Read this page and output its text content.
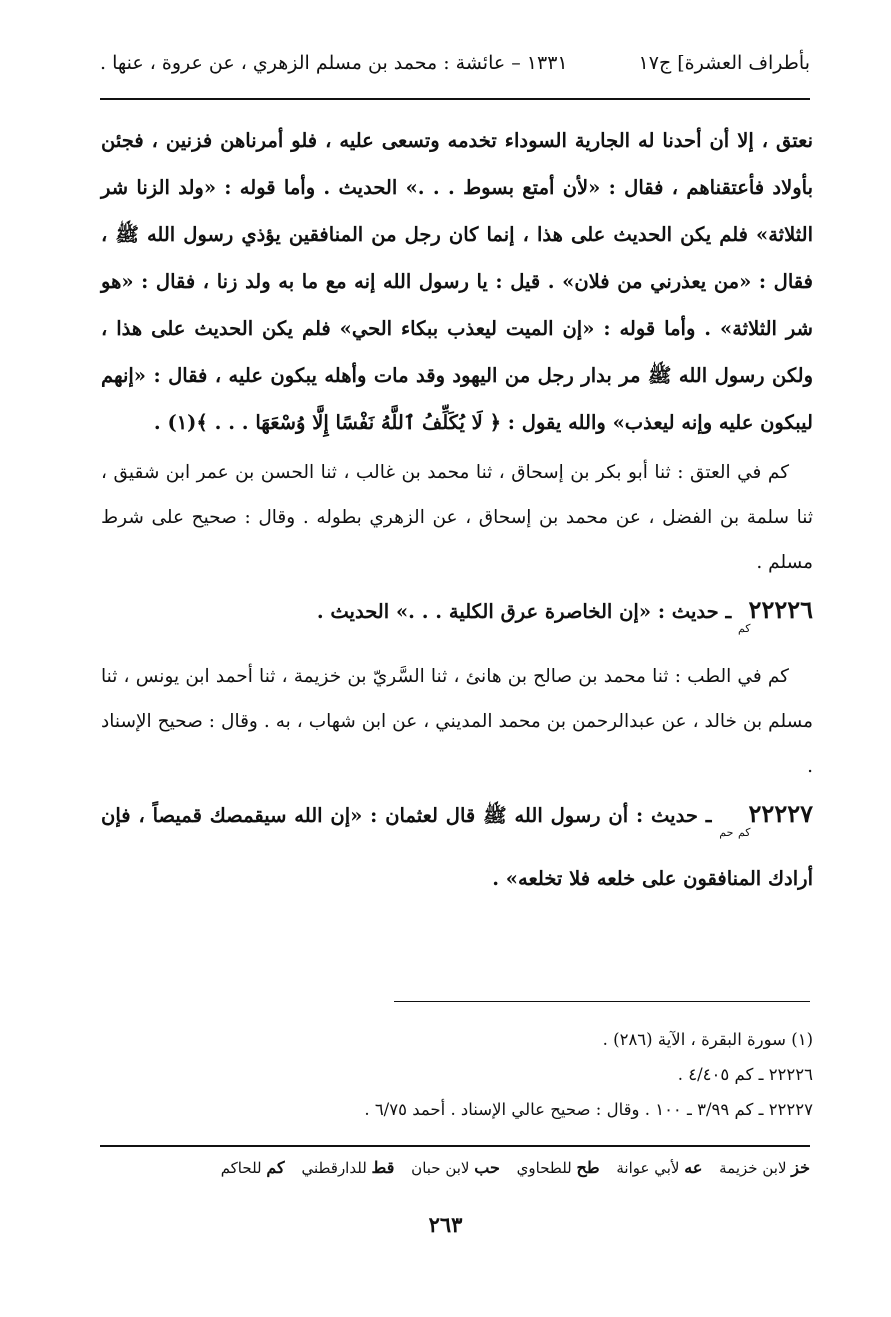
بأطراف العشرة] ج١٧
١٣٣١ – عائشة : محمد بن مسلم الزهري ، عن عروة ، عنها .

نعتق ، إلا أن أحدنا له الجارية السوداء تخدمه وتسعى عليه ، فلو أمرناهن فزنين ، فجئن بأولاد فأعتقناهم ، فقال : «لأن أمتع بسوط . . .» الحديث . وأما قوله : «ولد الزنا شر الثلاثة» فلم يكن الحديث على هذا ، إنما كان رجل من المنافقين يؤذي رسول الله ﷺ ، فقال : «من يعذرني من فلان» . قيل : يا رسول الله إنه مع ما به ولد زنا ، فقال : «هو شر الثلاثة» . وأما قوله : «إن الميت ليعذب ببكاء الحي» فلم يكن الحديث على هذا ، ولكن رسول الله ﷺ مر بدار رجل من اليهود وقد مات وأهله يبكون عليه ، فقال : «إنهم ليبكون عليه وإنه ليعذب» والله يقول : ﴿ لَا يُكَلِّفُ ٱللَّهُ نَفْسًا إِلَّا وُسْعَهَا . . . ﴾(١) .

كم في العتق : ثنا أبو بكر بن إسحاق ، ثنا محمد بن غالب ، ثنا الحسن بن عمر ابن شقيق ، ثنا سلمة بن الفضل ، عن محمد بن إسحاق ، عن الزهري بطوله . وقال : صحيح على شرط مسلم .

$٢٢٢٢٦_{كم}$ ـ حديث : «إن الخاصرة عرق الكلية . . .» الحديث .

كم في الطب : ثنا محمد بن صالح بن هانئ ، ثنا السَّريّ بن خزيمة ، ثنا أحمد ابن يونس ، ثنا مسلم بن خالد ، عن عبدالرحمن بن محمد المديني ، عن ابن شهاب ، به . وقال : صحيح الإسناد .

$٢٢٢٢٧_{كم حم}$ ـ حديث : أن رسول الله ﷺ قال لعثمان : «إن الله سيقمصك قميصاً ، فإن أرادك المنافقون على خلعه فلا تخلعه» .

(١) سورة البقرة ، الآية (٢٨٦) .
٢٢٢٢٦ ـ كم ٤/٤٠٥ .
٢٢٢٢٧ ـ كم ٣/٩٩ ـ ١٠٠ . وقال : صحيح عالي الإسناد . أحمد ٦/٧٥ .
خز لابن خزيمة عه لأبي عوانة طح للطحاوي حب لابن حبان قط للدارقطني كم للحاكم
٢٦٣
